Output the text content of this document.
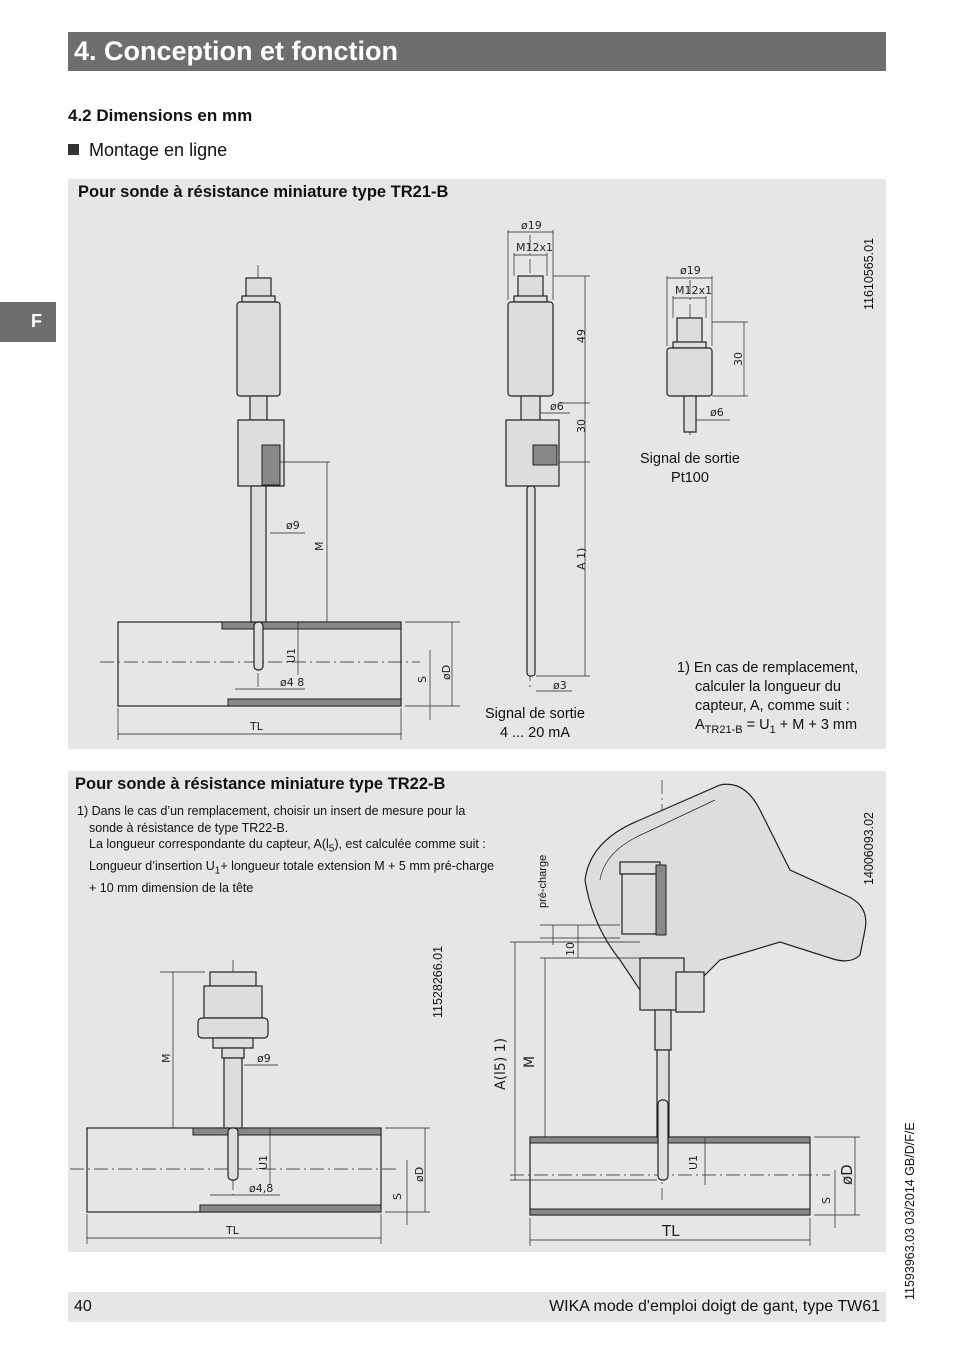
4. Conception et fonction
F
4.2 Dimensions en mm
Montage en ligne
Pour sonde à résistance miniature type TR21-B
Pour sonde à résistance miniature type TR22-B
ø9
ø4 8
TL
M
U1
øD
S
ø19
M12x1
ø6
ø3
49
30
A 1)
ø19
M12x1
ø6
30
ø9
ø4,8
TL
M
U1
øD
S
TL
10
M
A(l5) 1)
U1
øD
S
11610565.01
Signal de sortie
4 ... 20 mA
Signal de sortie
Pt100
1) En cas de remplacement,
calculer la longueur du
capteur, A, comme suit :
$A_{TR21-B} = U_1 + M + 3$ mm
1) Dans le cas d’un remplacement, choisir un insert de mesure pour la
sonde à résistance de type TR22-B.
La longueur correspondante du capteur, $A(l_5)$, est calculée comme suit :
Longueur d’insertion $U_1+$ longueur totale extension M + 5 mm pré-charge
+ 10 mm dimension de la tête
11528266.01
14006093.02
pré-charge
11593963.03 03/2014 GB/D/F/E
40	WIKA mode d'emploi doigt de gant, type TW61
